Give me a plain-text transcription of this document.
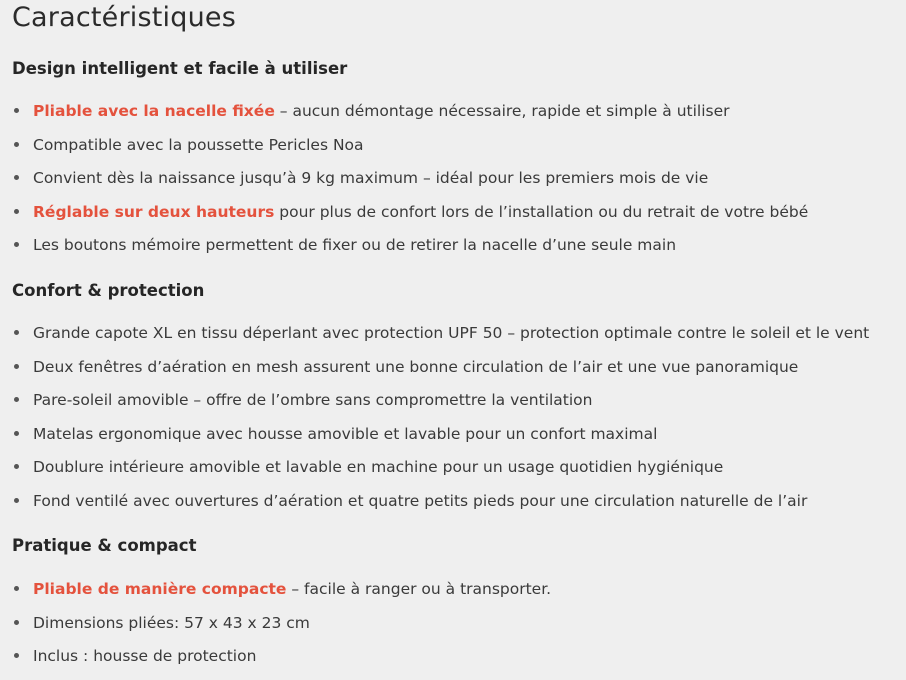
Caractéristiques
Design intelligent et facile à utiliser
Pliable avec la nacelle fixée – aucun démontage nécessaire, rapide et simple à utiliser
Compatible avec la poussette Pericles Noa
Convient dès la naissance jusqu’à 9 kg maximum – idéal pour les premiers mois de vie
Réglable sur deux hauteurs pour plus de confort lors de l’installation ou du retrait de votre bébé
Les boutons mémoire permettent de fixer ou de retirer la nacelle d’une seule main
Confort & protection
Grande capote XL en tissu déperlant avec protection UPF 50 – protection optimale contre le soleil et le vent
Deux fenêtres d’aération en mesh assurent une bonne circulation de l’air et une vue panoramique
Pare-soleil amovible – offre de l’ombre sans compromettre la ventilation
Matelas ergonomique avec housse amovible et lavable pour un confort maximal
Doublure intérieure amovible et lavable en machine pour un usage quotidien hygiénique
Fond ventilé avec ouvertures d’aération et quatre petits pieds pour une circulation naturelle de l’air
Pratique & compact
Pliable de manière compacte – facile à ranger ou à transporter.
Dimensions pliées: 57 x 43 x 23 cm
Inclus : housse de protection
